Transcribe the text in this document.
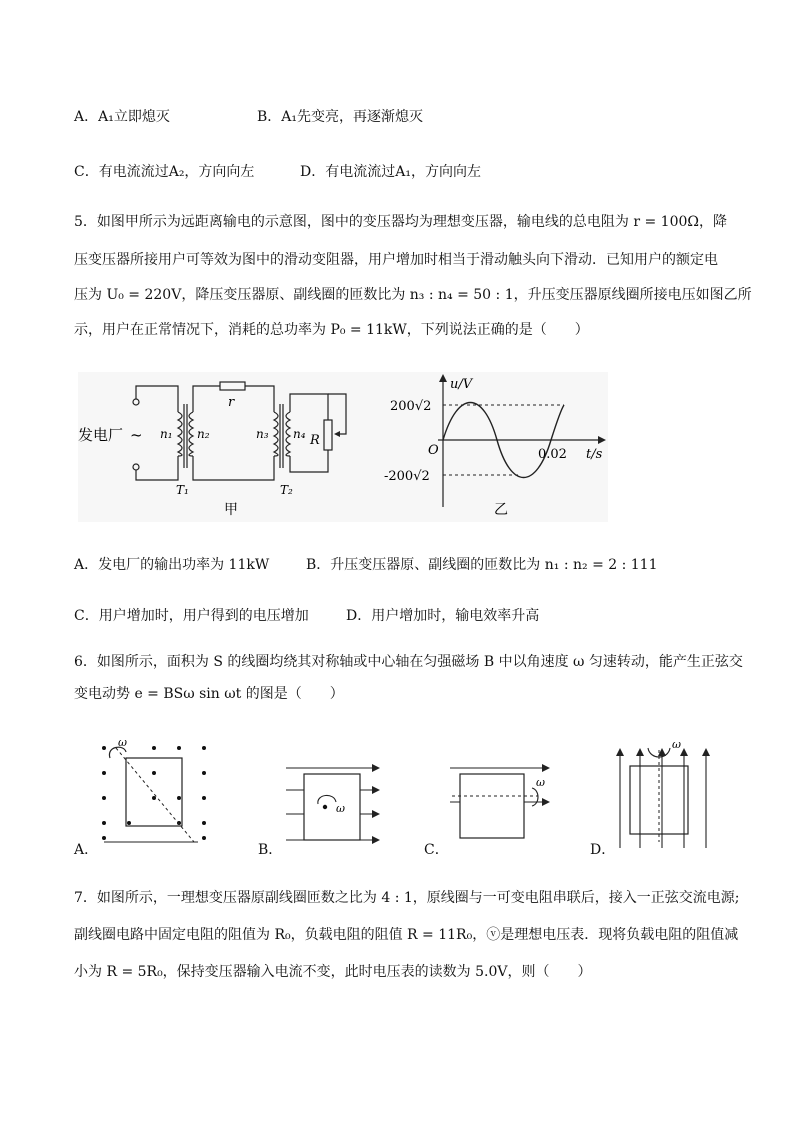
A．A₁立即熄灭	B．A₁先变亮，再逐渐熄灭
C．有电流流过A₂，方向向左	D．有电流流过A₁，方向向左
5．如图甲所示为远距离输电的示意图，图中的变压器均为理想变压器，输电线的总电阻为 r = 100Ω，降
压变压器所接用户可等效为图中的滑动变阻器，用户增加时相当于滑动触头向下滑动．已知用户的额定电
压为 U₀ = 220V，降压变压器原、副线圈的匝数比为 n₃ : n₄ = 50 : 1，升压变压器原线圈所接电压如图乙所
示，用户在正常情况下，消耗的总功率为 P₀ = 11kW，下列说法正确的是（　　）
发电厂 ~ n₁ n₂	n₃ n₄
r
R
T₁	T₂
甲
u/V
t/s
O
200√2
-200√2
0.02
乙
A．发电厂的输出功率为 11kW	B．升压变压器原、副线圈的匝数比为 n₁ : n₂ = 2 : 111
C．用户增加时，用户得到的电压增加	D．用户增加时，输电效率升高
6．如图所示，面积为 S 的线圈均绕其对称轴或中心轴在匀强磁场 B 中以角速度 ω 匀速转动，能产生正弦交
变电动势 e = BSω sin ωt 的图是（　　）
ω
ω
ω
ω
A．	B．	C．	D．
7．如图所示，一理想变压器原副线圈匝数之比为 4 : 1，原线圈与一可变电阻串联后，接入一正弦交流电源;
副线圈电路中固定电阻的阻值为 R₀，负载电阻的阻值 R = 11R₀，ⓥ是理想电压表．现将负载电阻的阻值减
小为 R = 5R₀，保持变压器输入电流不变，此时电压表的读数为 5.0V，则（　　）
